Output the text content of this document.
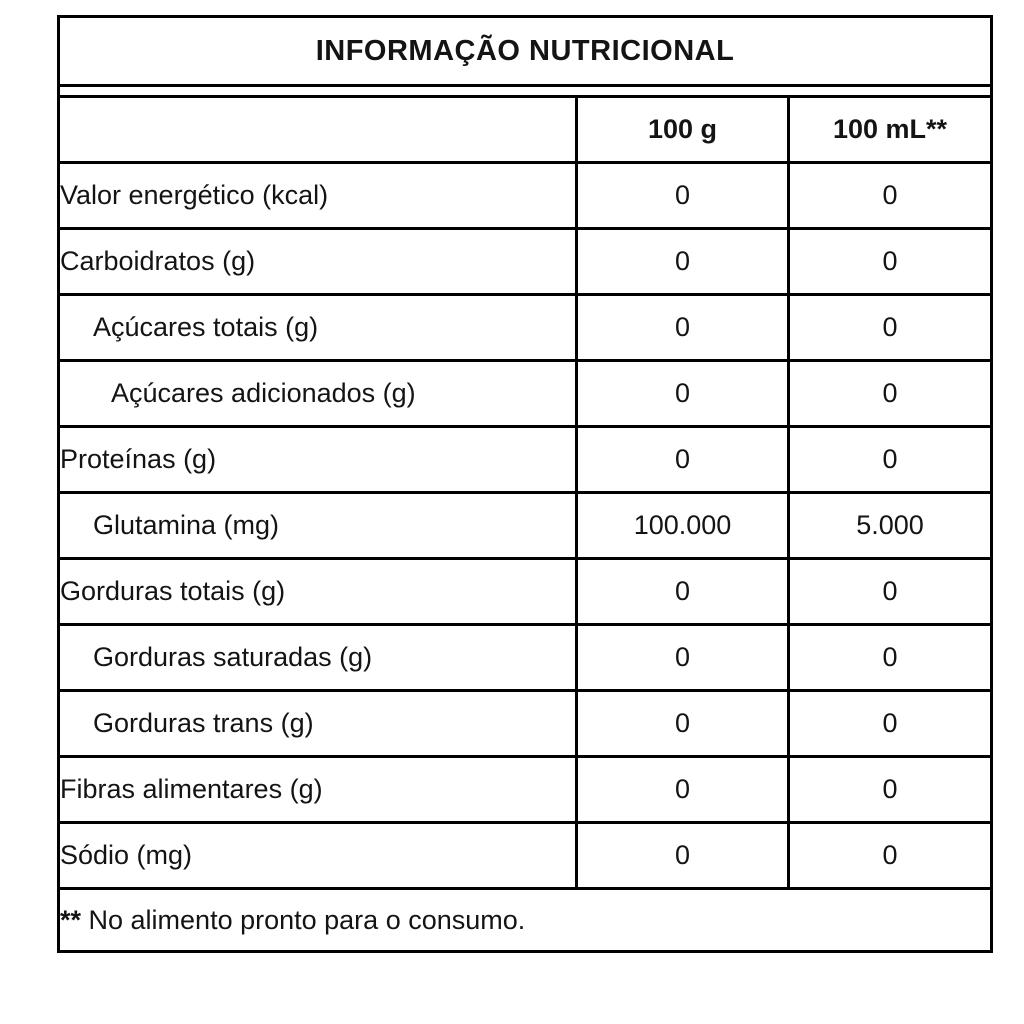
INFORMAÇÃO NUTRICIONAL		

	100 g	100 mL**
Valor energético (kcal)	0	0
Carboidratos (g)	0	0
Açúcares totais (g)	0	0
Açúcares adicionados (g)	0	0
Proteínas (g)	0	0
Glutamina (mg)	100.000	5.000
Gorduras totais (g)	0	0
Gorduras saturadas (g)	0	0
Gorduras trans (g)	0	0
Fibras alimentares (g)	0	0
Sódio (mg)	0	0
** No alimento pronto para o consumo.		
